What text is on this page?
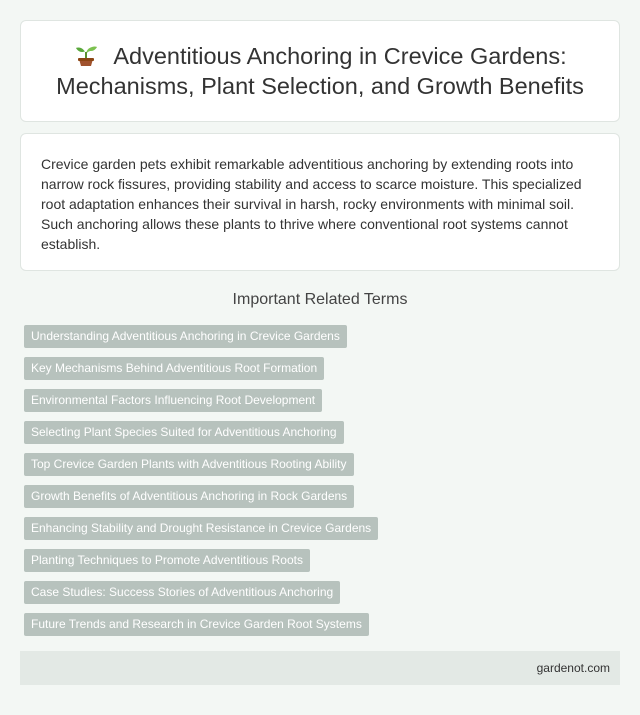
Adventitious Anchoring in Crevice Gardens: Mechanisms, Plant Selection, and Growth Benefits

Crevice garden pets exhibit remarkable adventitious anchoring by extending roots into narrow rock fissures, providing stability and access to scarce moisture. This specialized root adaptation enhances their survival in harsh, rocky environments with minimal soil. Such anchoring allows these plants to thrive where conventional root systems cannot establish.

Important Related Terms
Understanding Adventitious Anchoring in Crevice Gardens
Key Mechanisms Behind Adventitious Root Formation
Environmental Factors Influencing Root Development
Selecting Plant Species Suited for Adventitious Anchoring
Top Crevice Garden Plants with Adventitious Rooting Ability
Growth Benefits of Adventitious Anchoring in Rock Gardens
Enhancing Stability and Drought Resistance in Crevice Gardens
Planting Techniques to Promote Adventitious Roots
Case Studies: Success Stories of Adventitious Anchoring
Future Trends and Research in Crevice Garden Root Systems
gardenot.com
